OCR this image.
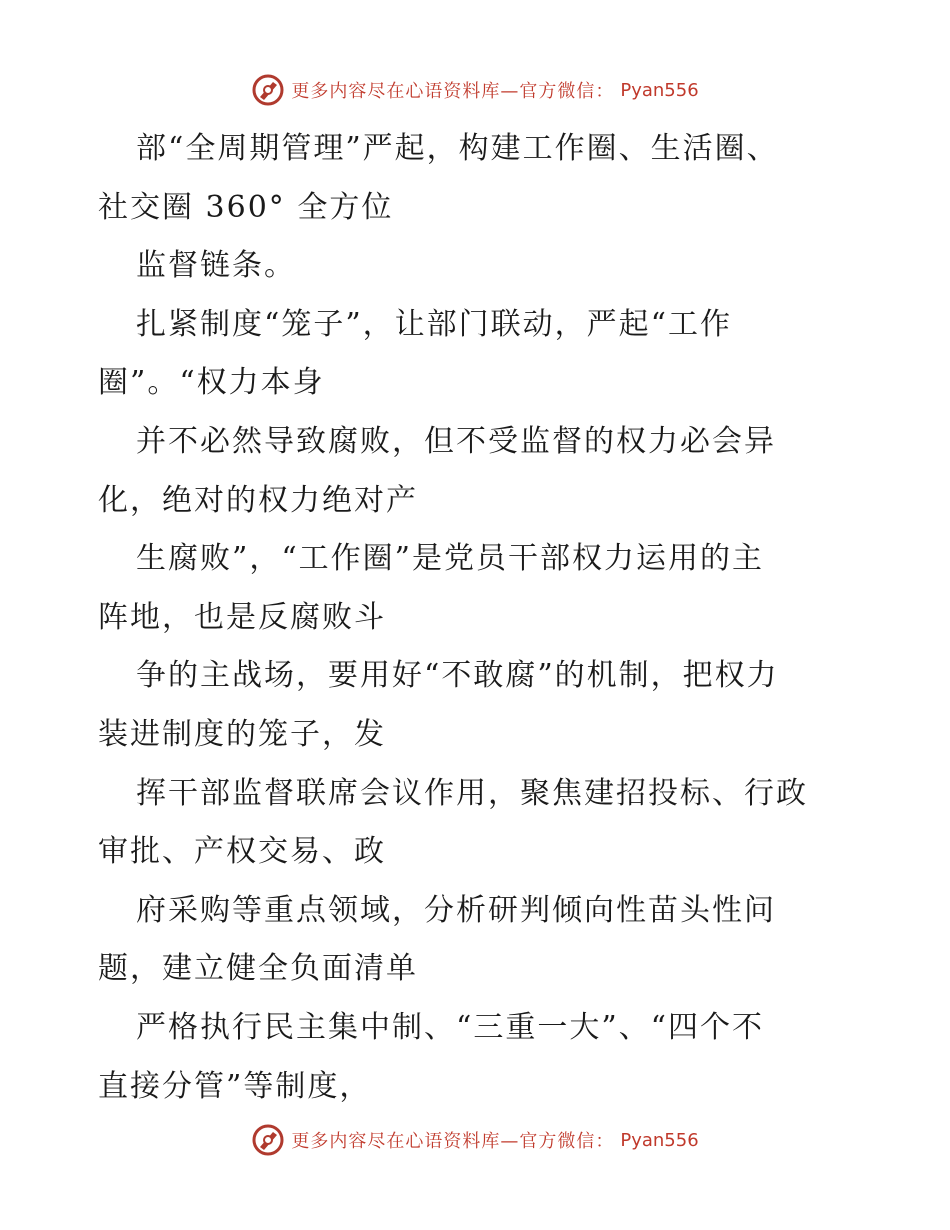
更多内容尽在心语资料库—官方微信： Pyan556
部“全周期管理”严起，构建工作圈、生活圈、
社交圈 360° 全方位
监督链条。
扎紧制度“笼子”，让部门联动，严起“工作
圈”。“权力本身
并不必然导致腐败，但不受监督的权力必会异
化，绝对的权力绝对产
生腐败”，“工作圈”是党员干部权力运用的主
阵地，也是反腐败斗
争的主战场，要用好“不敢腐”的机制，把权力
装进制度的笼子，发
挥干部监督联席会议作用，聚焦建招投标、行政
审批、产权交易、政
府采购等重点领域，分析研判倾向性苗头性问
题，建立健全负面清单
严格执行民主集中制、“三重一大”、“四个不
直接分管”等制度，
更多内容尽在心语资料库—官方微信： Pyan556
